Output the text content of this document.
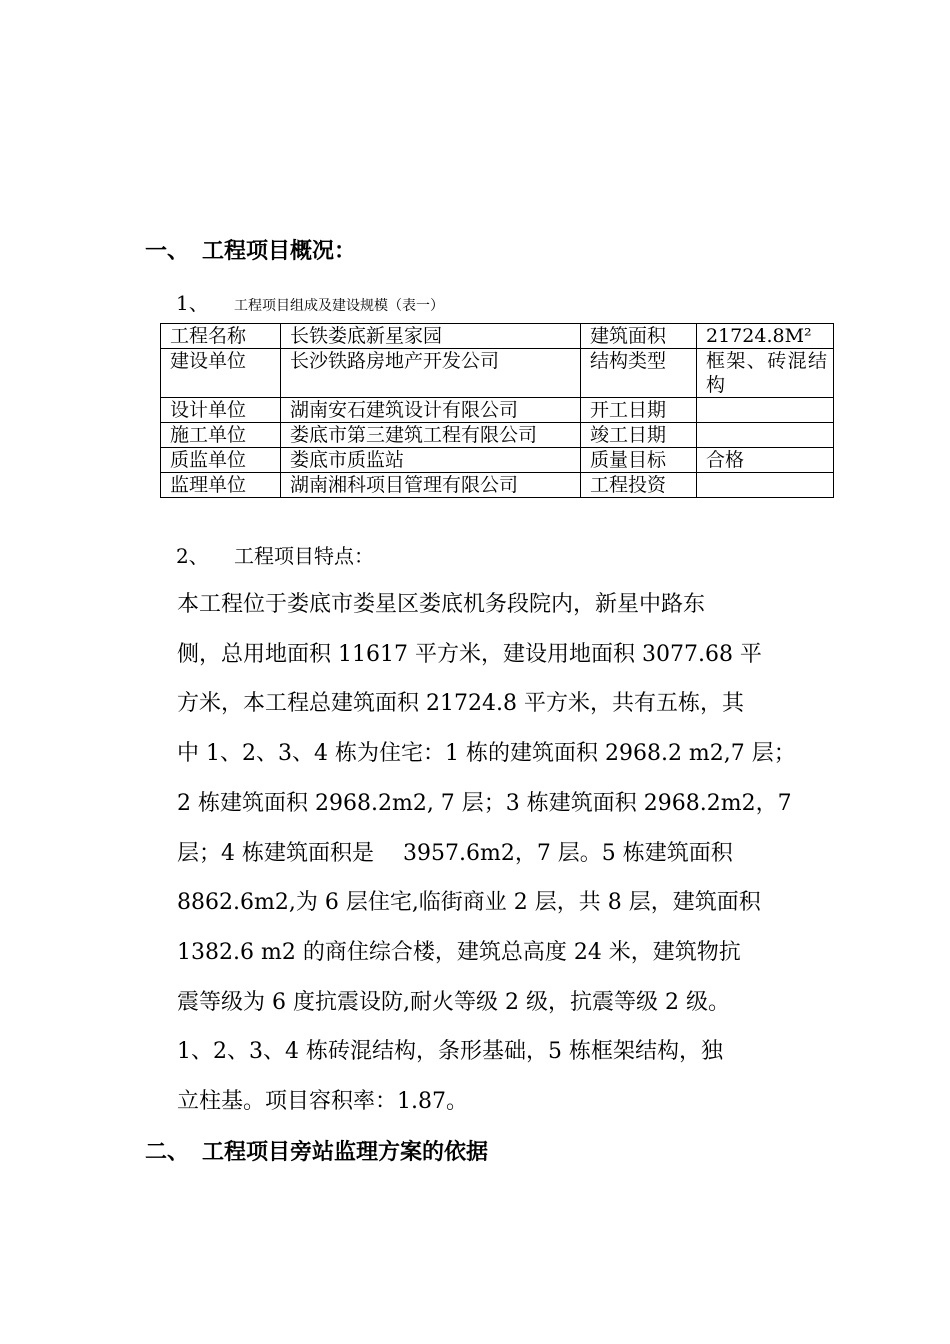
一、 工程项目概况：
1、 工程项目组成及建设规模（表一）
工程名称	长铁娄底新星家园	建筑面积	21724.8M²
建设单位	长沙铁路房地产开发公司	结构类型	框架、砖混结构
设计单位	湖南安石建筑设计有限公司	开工日期	
施工单位	娄底市第三建筑工程有限公司	竣工日期	
质监单位	娄底市质监站	质量目标	合格
监理单位	湖南湘科项目管理有限公司	工程投资	
2、 工程项目特点：

本工程位于娄底市娄星区娄底机务段院内，新星中路东

侧，总用地面积 11617 平方米，建设用地面积 3077.68 平

方米，本工程总建筑面积 21724.8 平方米，共有五栋，其

中 1、2、3、4 栋为住宅：1 栋的建筑面积 2968.2 m2,7 层；

2 栋建筑面积 2968.2m2, 7 层；3 栋建筑面积 2968.2m2，7

层；4 栋建筑面积是　 3957.6m2，7 层。5 栋建筑面积

8862.6m2,为 6 层住宅,临街商业 2 层，共 8 层，建筑面积

1382.6 m2 的商住综合楼，建筑总高度 24 米，建筑物抗

震等级为 6 度抗震设防,耐火等级 2 级，抗震等级 2 级。

1、2、3、4 栋砖混结构，条形基础，5 栋框架结构，独

立柱基。项目容积率：1.87。

二、 工程项目旁站监理方案的依据
